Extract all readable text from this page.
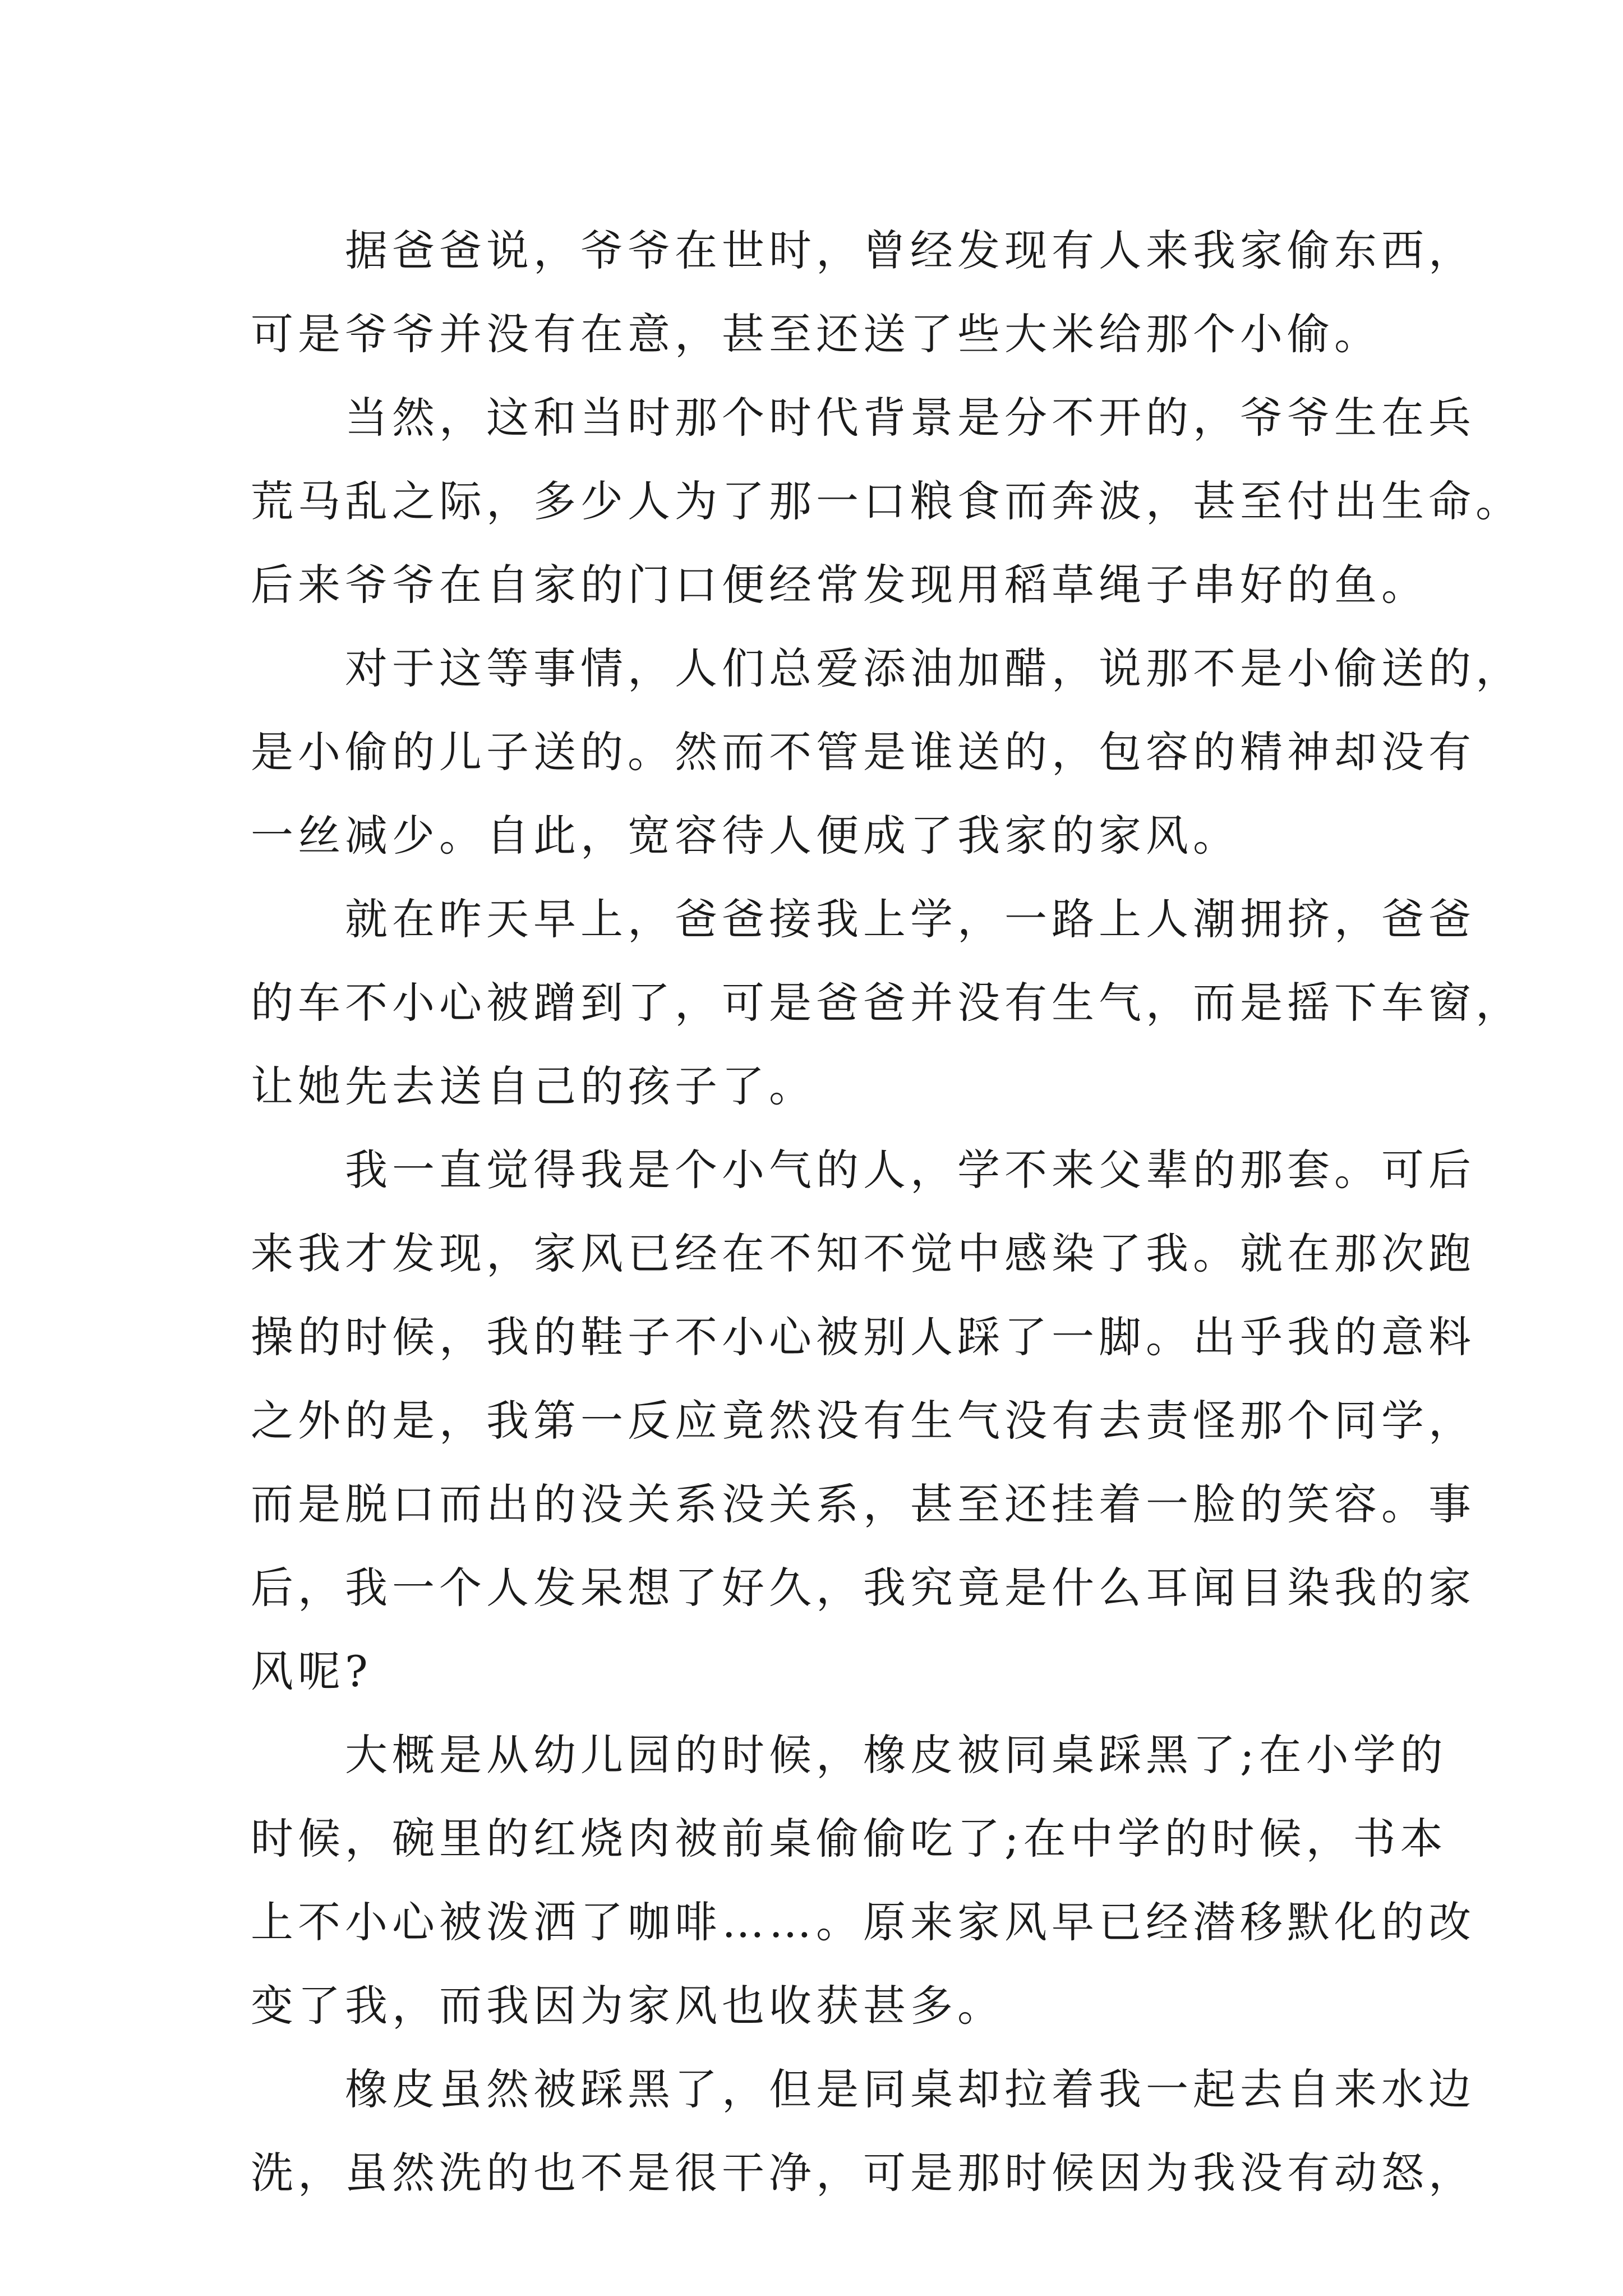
据爸爸说，爷爷在世时，曾经发现有人来我家偷东西，
可是爷爷并没有在意，甚至还送了些大米给那个小偷。
当然，这和当时那个时代背景是分不开的，爷爷生在兵
荒马乱之际，多少人为了那一口粮食而奔波，甚至付出生命。
后来爷爷在自家的门口便经常发现用稻草绳子串好的鱼。
对于这等事情，人们总爱添油加醋，说那不是小偷送的，
是小偷的儿子送的。然而不管是谁送的，包容的精神却没有
一丝减少。自此，宽容待人便成了我家的家风。
就在昨天早上，爸爸接我上学，一路上人潮拥挤，爸爸
的车不小心被蹭到了，可是爸爸并没有生气，而是摇下车窗，
让她先去送自己的孩子了。
我一直觉得我是个小气的人，学不来父辈的那套。可后
来我才发现，家风已经在不知不觉中感染了我。就在那次跑
操的时候，我的鞋子不小心被别人踩了一脚。出乎我的意料
之外的是，我第一反应竟然没有生气没有去责怪那个同学，
而是脱口而出的没关系没关系，甚至还挂着一脸的笑容。事
后，我一个人发呆想了好久，我究竟是什么耳闻目染我的家
风呢?
大概是从幼儿园的时候，橡皮被同桌踩黑了;在小学的
时候，碗里的红烧肉被前桌偷偷吃了;在中学的时候，书本
上不小心被泼洒了咖啡……。原来家风早已经潜移默化的改
变了我，而我因为家风也收获甚多。
橡皮虽然被踩黑了，但是同桌却拉着我一起去自来水边
洗，虽然洗的也不是很干净，可是那时候因为我没有动怒，
